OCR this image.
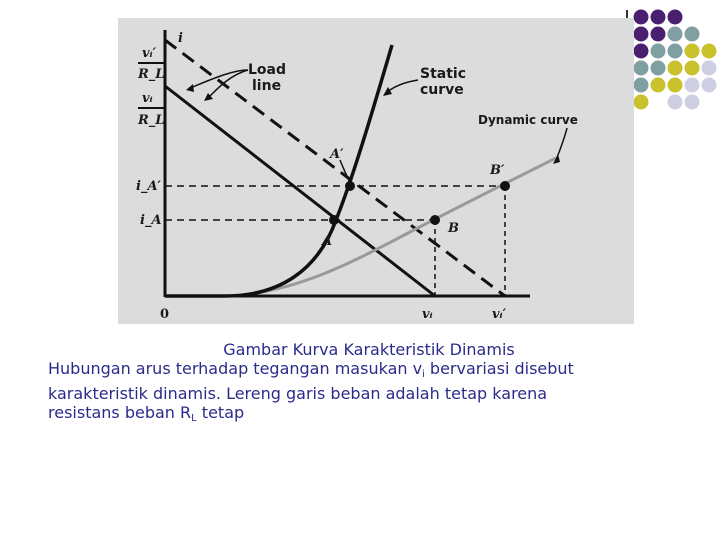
i
vᵢ′
R_L
vᵢ
R_L
i_A′
i_A
0	vᵢ	vᵢ′
A
A′
B
B′
Load
line
Static
curve
Dynamic curve
Gambar Kurva Karakteristik Dinamis
Hubungan arus terhadap tegangan masukan $v_i$ bervariasi disebut
karakteristik dinamis. Lereng garis beban adalah tetap karena
resistans beban $R_L$ tetap
